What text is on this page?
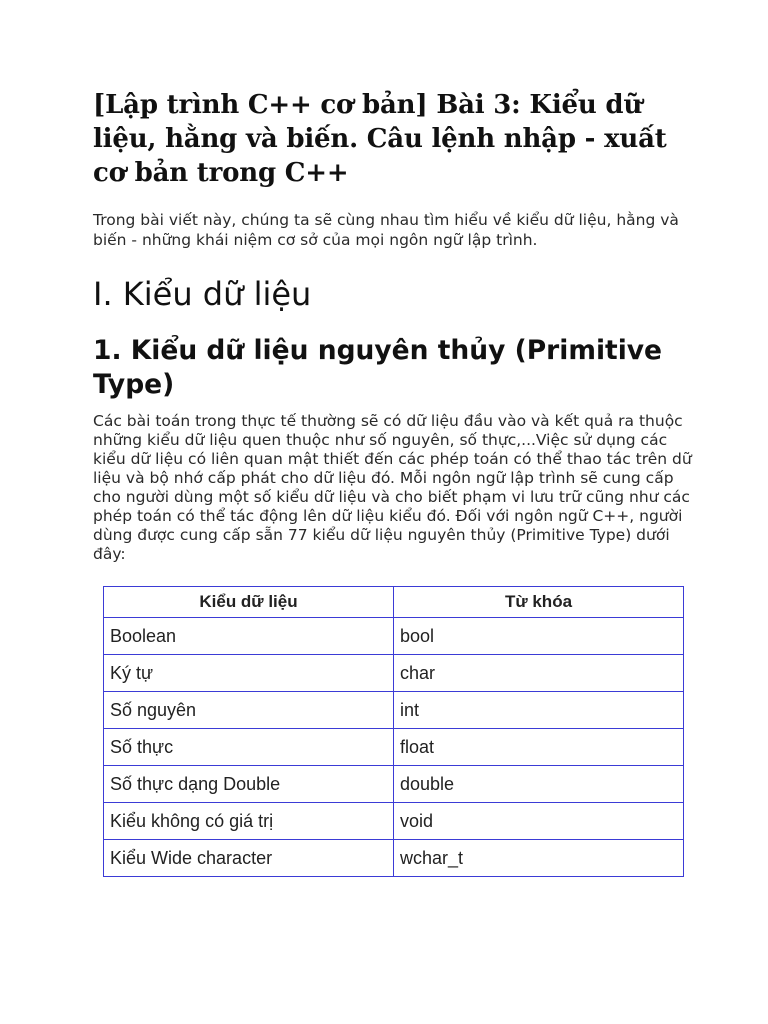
[Lập trình C++ cơ bản] Bài 3: Kiểu dữ liệu, hằng và biến. Câu lệnh nhập - xuất cơ bản trong C++

Trong bài viết này, chúng ta sẽ cùng nhau tìm hiểu về kiểu dữ liệu, hằng và biến - những khái niệm cơ sở của mọi ngôn ngữ lập trình.

I. Kiểu dữ liệu
1. Kiểu dữ liệu nguyên thủy (Primitive Type)

Các bài toán trong thực tế thường sẽ có dữ liệu đầu vào và kết quả ra thuộc những kiểu dữ liệu quen thuộc như số nguyên, số thực,...Việc sử dụng các kiểu dữ liệu có liên quan mật thiết đến các phép toán có thể thao tác trên dữ liệu và bộ nhớ cấp phát cho dữ liệu đó. Mỗi ngôn ngữ lập trình sẽ cung cấp cho người dùng một số kiểu dữ liệu và cho biết phạm vi lưu trữ cũng như các phép toán có thể tác động lên dữ liệu kiểu đó. Đối với ngôn ngữ C++, người dùng được cung cấp sẵn 77 kiểu dữ liệu nguyên thủy (Primitive Type) dưới đây:

Kiểu dữ liệu	Từ khóa
Boolean	bool
Ký tự	char
Số nguyên	int
Số thực	float
Số thực dạng Double	double
Kiểu không có giá trị	void
Kiểu Wide character	wchar_t
